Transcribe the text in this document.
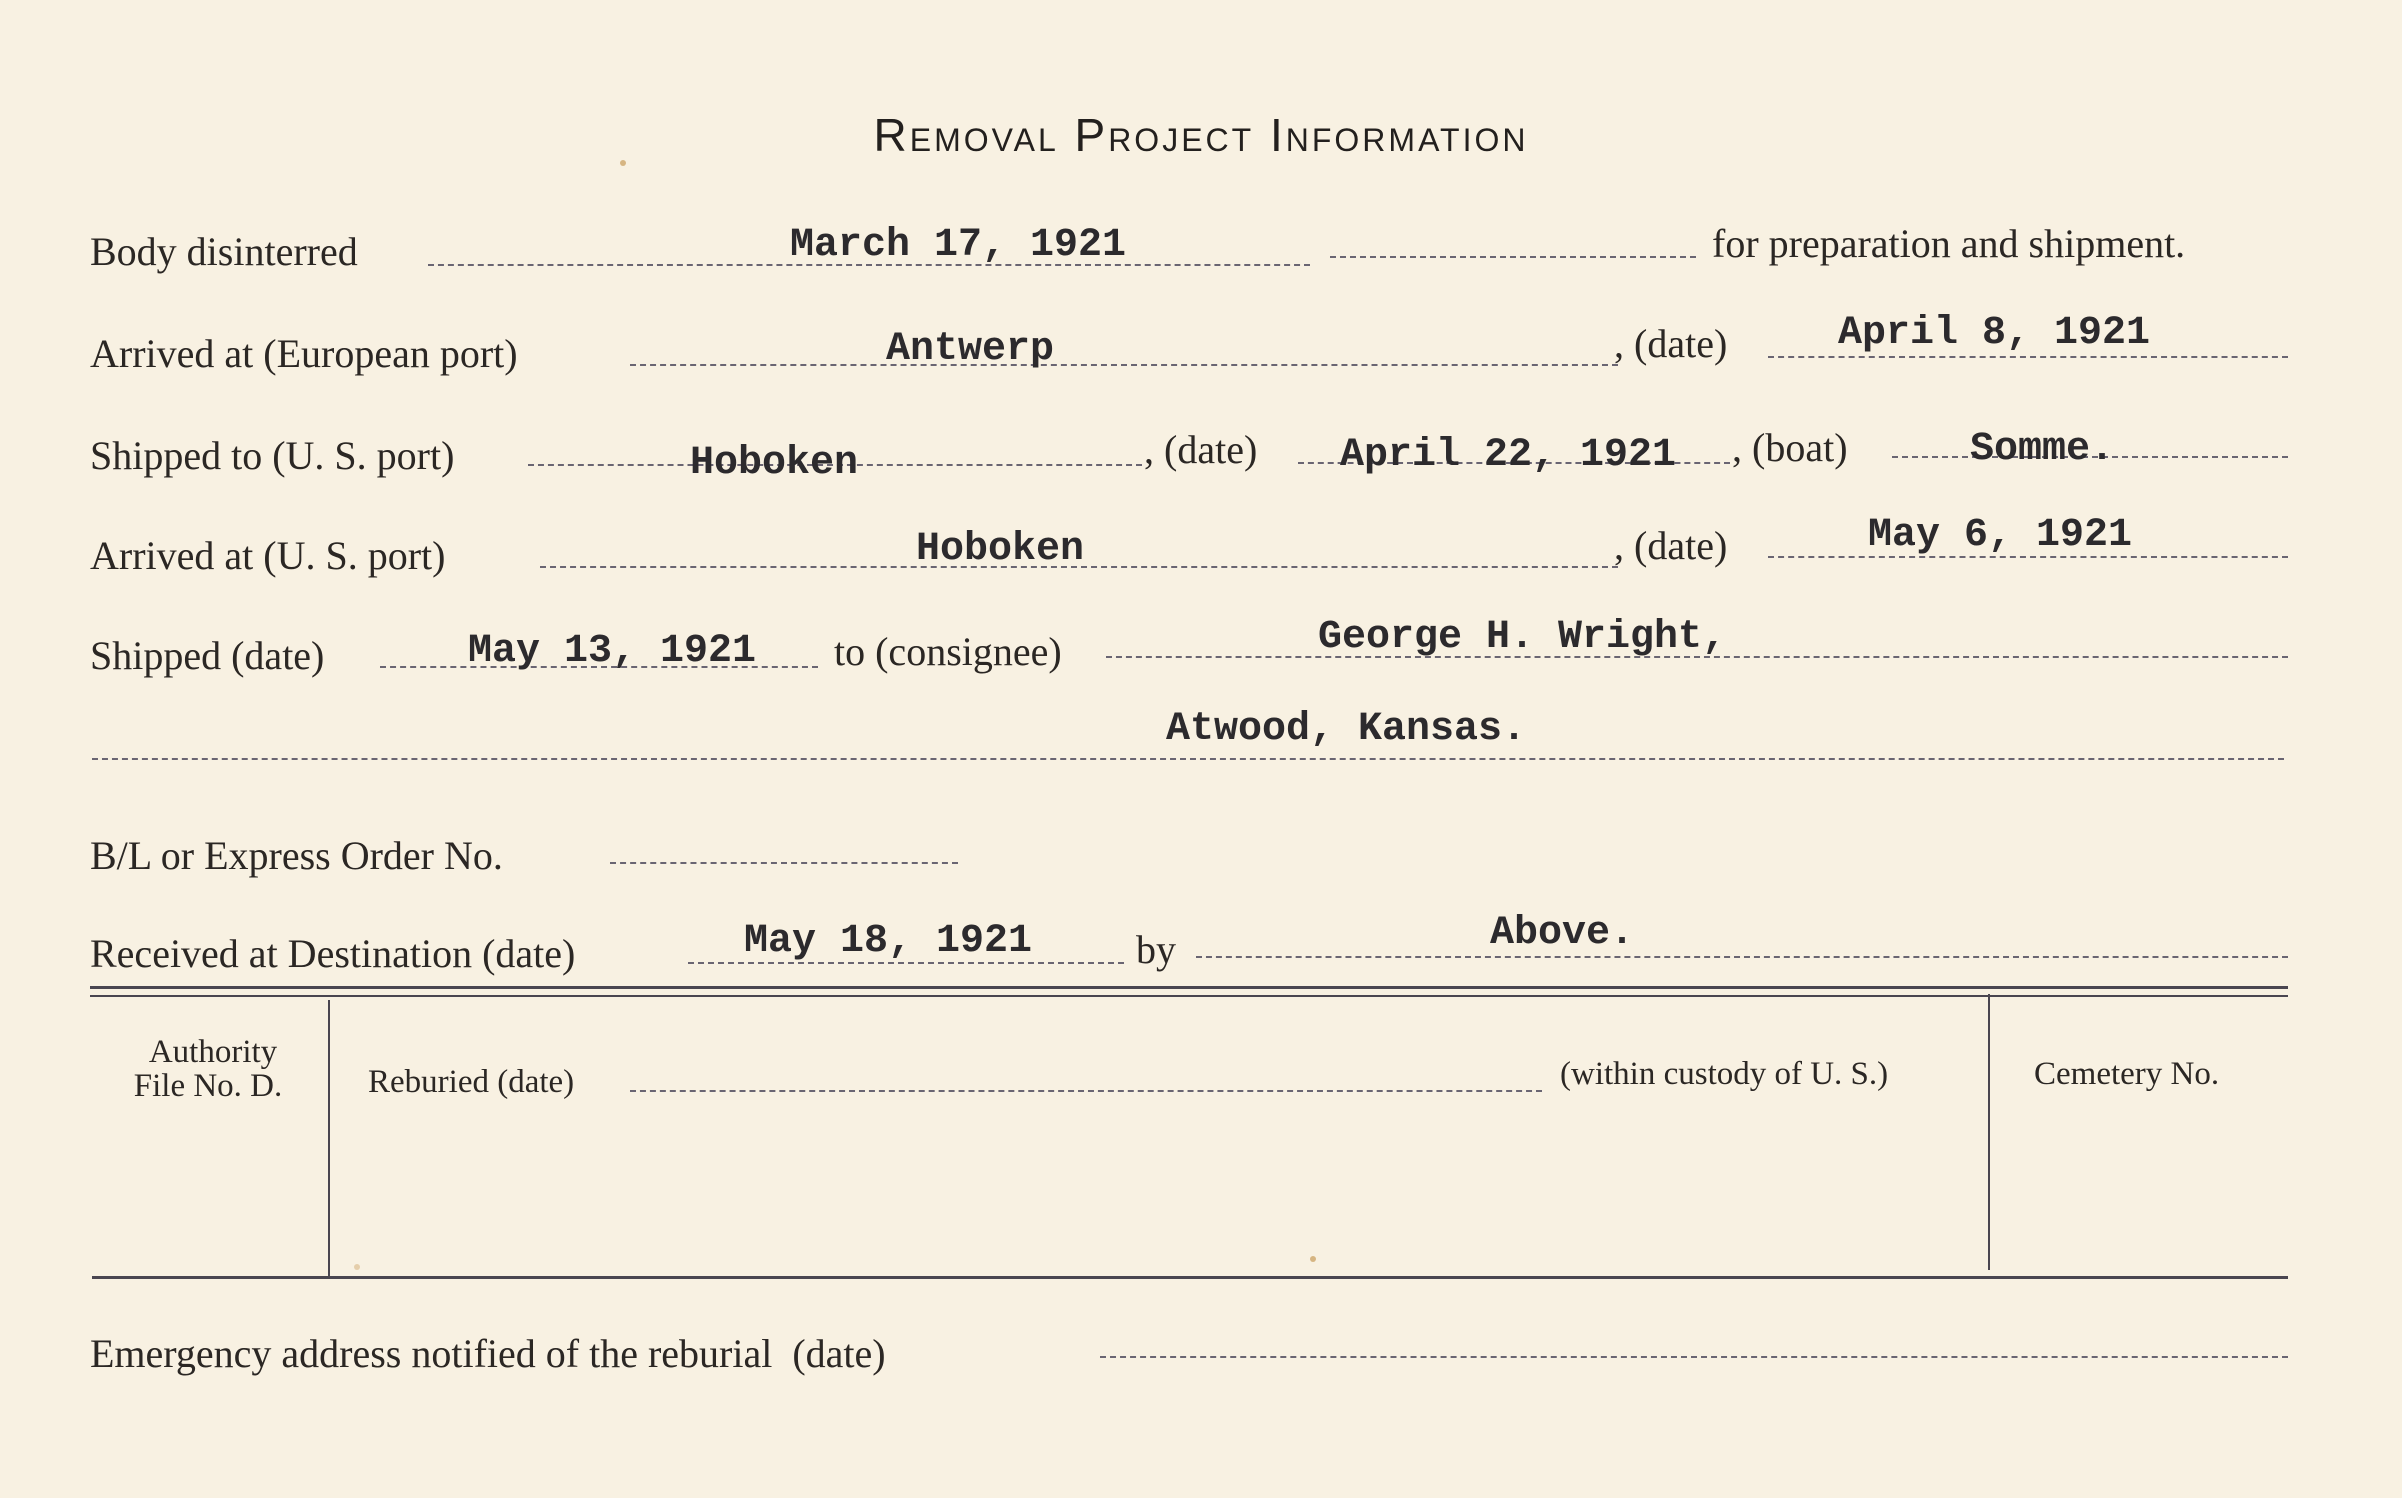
Removal Project Information
Body disinterred	March 17, 1921	for preparation and shipment.
Arrived at (European port)	Antwerp	, (date)	April 8, 1921
Shipped to (U. S. port)	Hoboken	, (date) April 22, 1921 , (boat)	Somme.
Arrived at (U. S. port)	Hoboken	, (date)	May 6, 1921
Shipped (date)	May 13, 1921 to (consignee)	George H. Wright,
Atwood, Kansas.
B/L or Express Order No.
Received at Destination (date)	May 18, 1921	by	Above.
Authority
File No. D.	Reburied (date)	(within custody of U. S.)	Cemetery No.
Emergency address notified of the reburial  (date)
